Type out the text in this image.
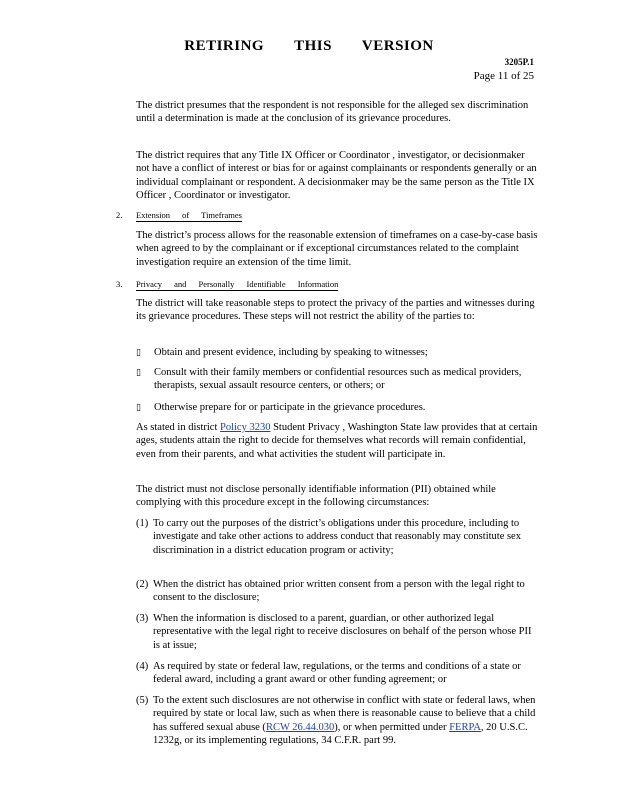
RETIRING THIS VERSION
3205P.1
Page 11 of 25
The district presumes that the respondent is not responsible for the alleged sex discrimination until a determination is made at the conclusion of its grievance procedures.
The district requires that any Title IX Officer or Coordinator , investigator, or decisionmaker not have a conflict of interest or bias for or against complainants or respondents generally or an individual complainant or respondent. A decisionmaker may be the same person as the Title IX Officer , Coordinator or investigator.
2. Extension of Timeframes
The district’s process allows for the reasonable extension of timeframes on a case-by-case basis when agreed to by the complainant or if exceptional circumstances related to the complaint investigation require an extension of the time limit.
3. Privacy and Personally Identifiable Information
The district will take reasonable steps to protect the privacy of the parties and witnesses during its grievance procedures. These steps will not restrict the ability of the parties to:
▯ Obtain and present evidence, including by speaking to witnesses;
▯ Consult with their family members or confidential resources such as medical providers, therapists, sexual assault resource centers, or others; or
▯ Otherwise prepare for or participate in the grievance procedures.
As stated in district Policy 3230 Student Privacy , Washington State law provides that at certain ages, students attain the right to decide for themselves what records will remain confidential, even from their parents, and what activities the student will participate in.
The district must not disclose personally identifiable information (PII) obtained while complying with this procedure except in the following circumstances:
(1) To carry out the purposes of the district’s obligations under this procedure, including to investigate and take other actions to address conduct that reasonably may constitute sex discrimination in a district education program or activity;
(2) When the district has obtained prior written consent from a person with the legal right to consent to the disclosure;
(3) When the information is disclosed to a parent, guardian, or other authorized legal representative with the legal right to receive disclosures on behalf of the person whose PII is at issue;
(4) As required by state or federal law, regulations, or the terms and conditions of a state or federal award, including a grant award or other funding agreement; or
(5) To the extent such disclosures are not otherwise in conflict with state or federal laws, when required by state or local law, such as when there is reasonable cause to believe that a child has suffered sexual abuse (RCW 26.44.030), or when permitted under FERPA, 20 U.S.C. 1232g, or its implementing regulations, 34 C.F.R. part 99.
